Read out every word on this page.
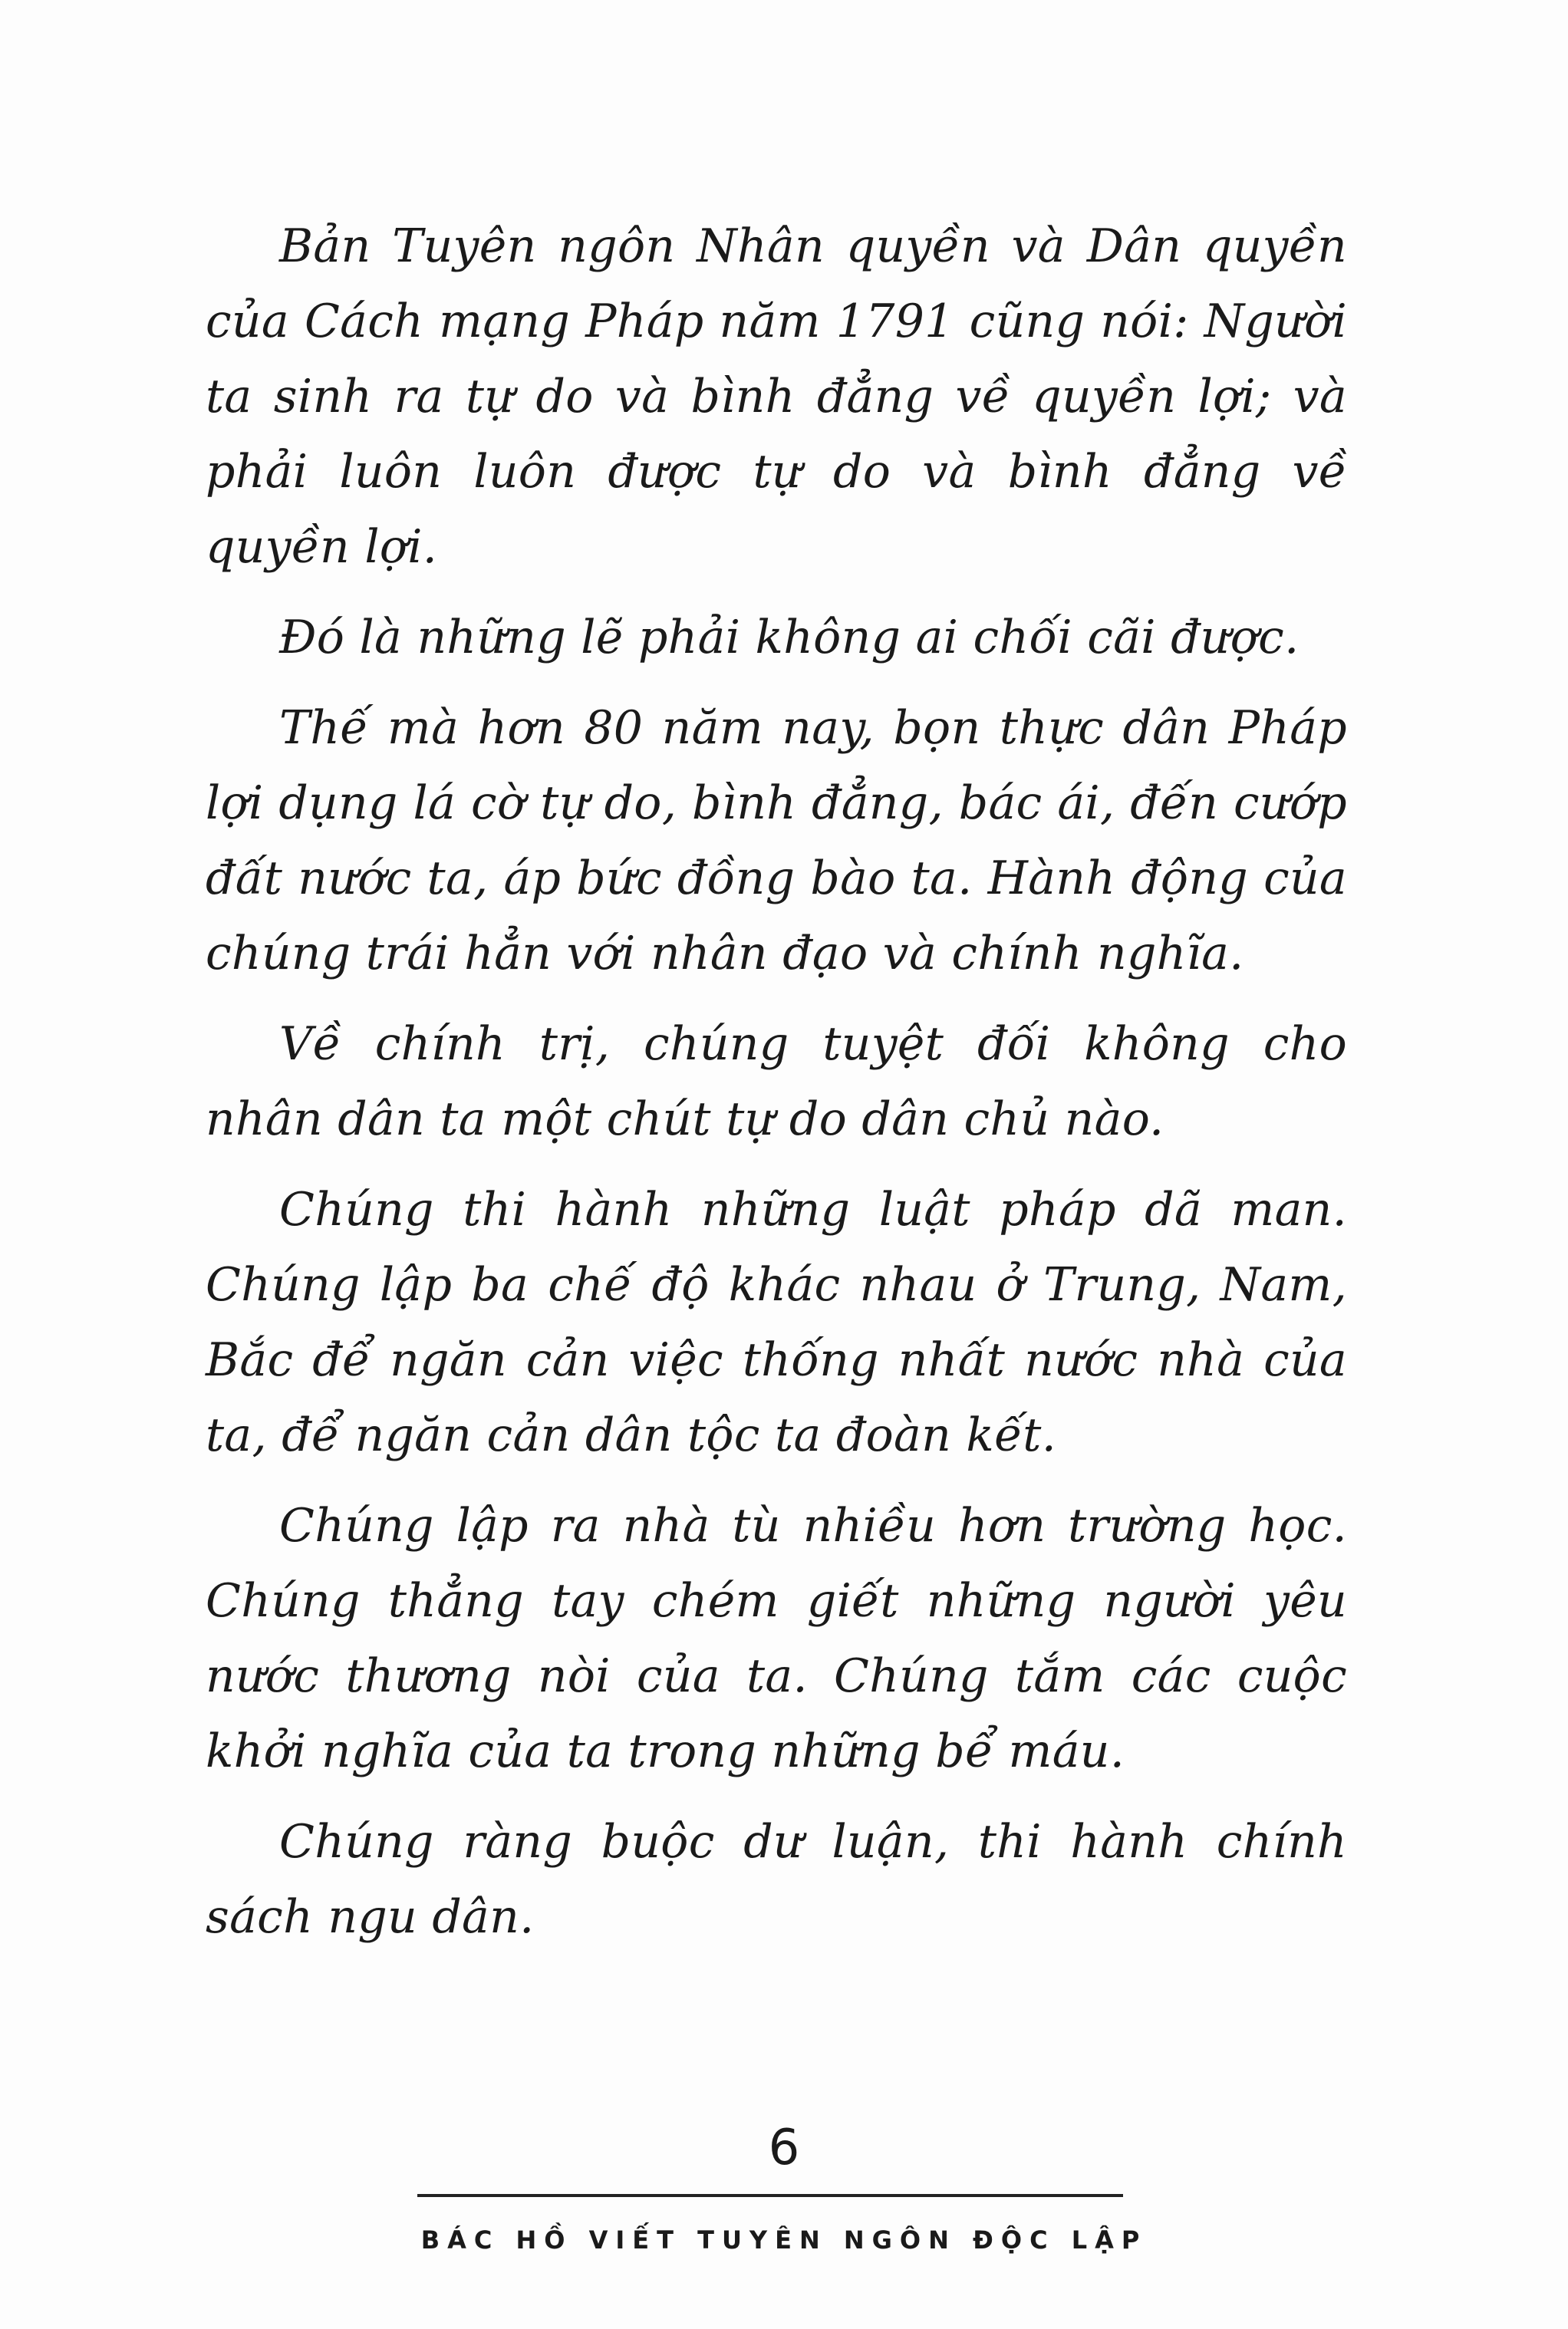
Bản Tuyên ngôn Nhân quyền và Dân quyền của Cách mạng Pháp năm 1791 cũng nói: Người ta sinh ra tự do và bình đẳng về quyền lợi; và phải luôn luôn được tự do và bình đẳng về quyền lợi.

Đó là những lẽ phải không ai chối cãi được.

Thế mà hơn 80 năm nay, bọn thực dân Pháp lợi dụng lá cờ tự do, bình đẳng, bác ái, đến cướp đất nước ta, áp bức đồng bào ta. Hành động của chúng trái hẳn với nhân đạo và chính nghĩa.

Về chính trị, chúng tuyệt đối không cho nhân dân ta một chút tự do dân chủ nào.

Chúng thi hành những luật pháp dã man. Chúng lập ba chế độ khác nhau ở Trung, Nam, Bắc để ngăn cản việc thống nhất nước nhà của ta, để ngăn cản dân tộc ta đoàn kết.

Chúng lập ra nhà tù nhiều hơn trường học. Chúng thẳng tay chém giết những người yêu nước thương nòi của ta. Chúng tắm các cuộc khởi nghĩa của ta trong những bể máu.

Chúng ràng buộc dư luận, thi hành chính sách ngu dân.

6
BÁC HỒ VIẾT TUYÊN NGÔN ĐỘC LẬP
